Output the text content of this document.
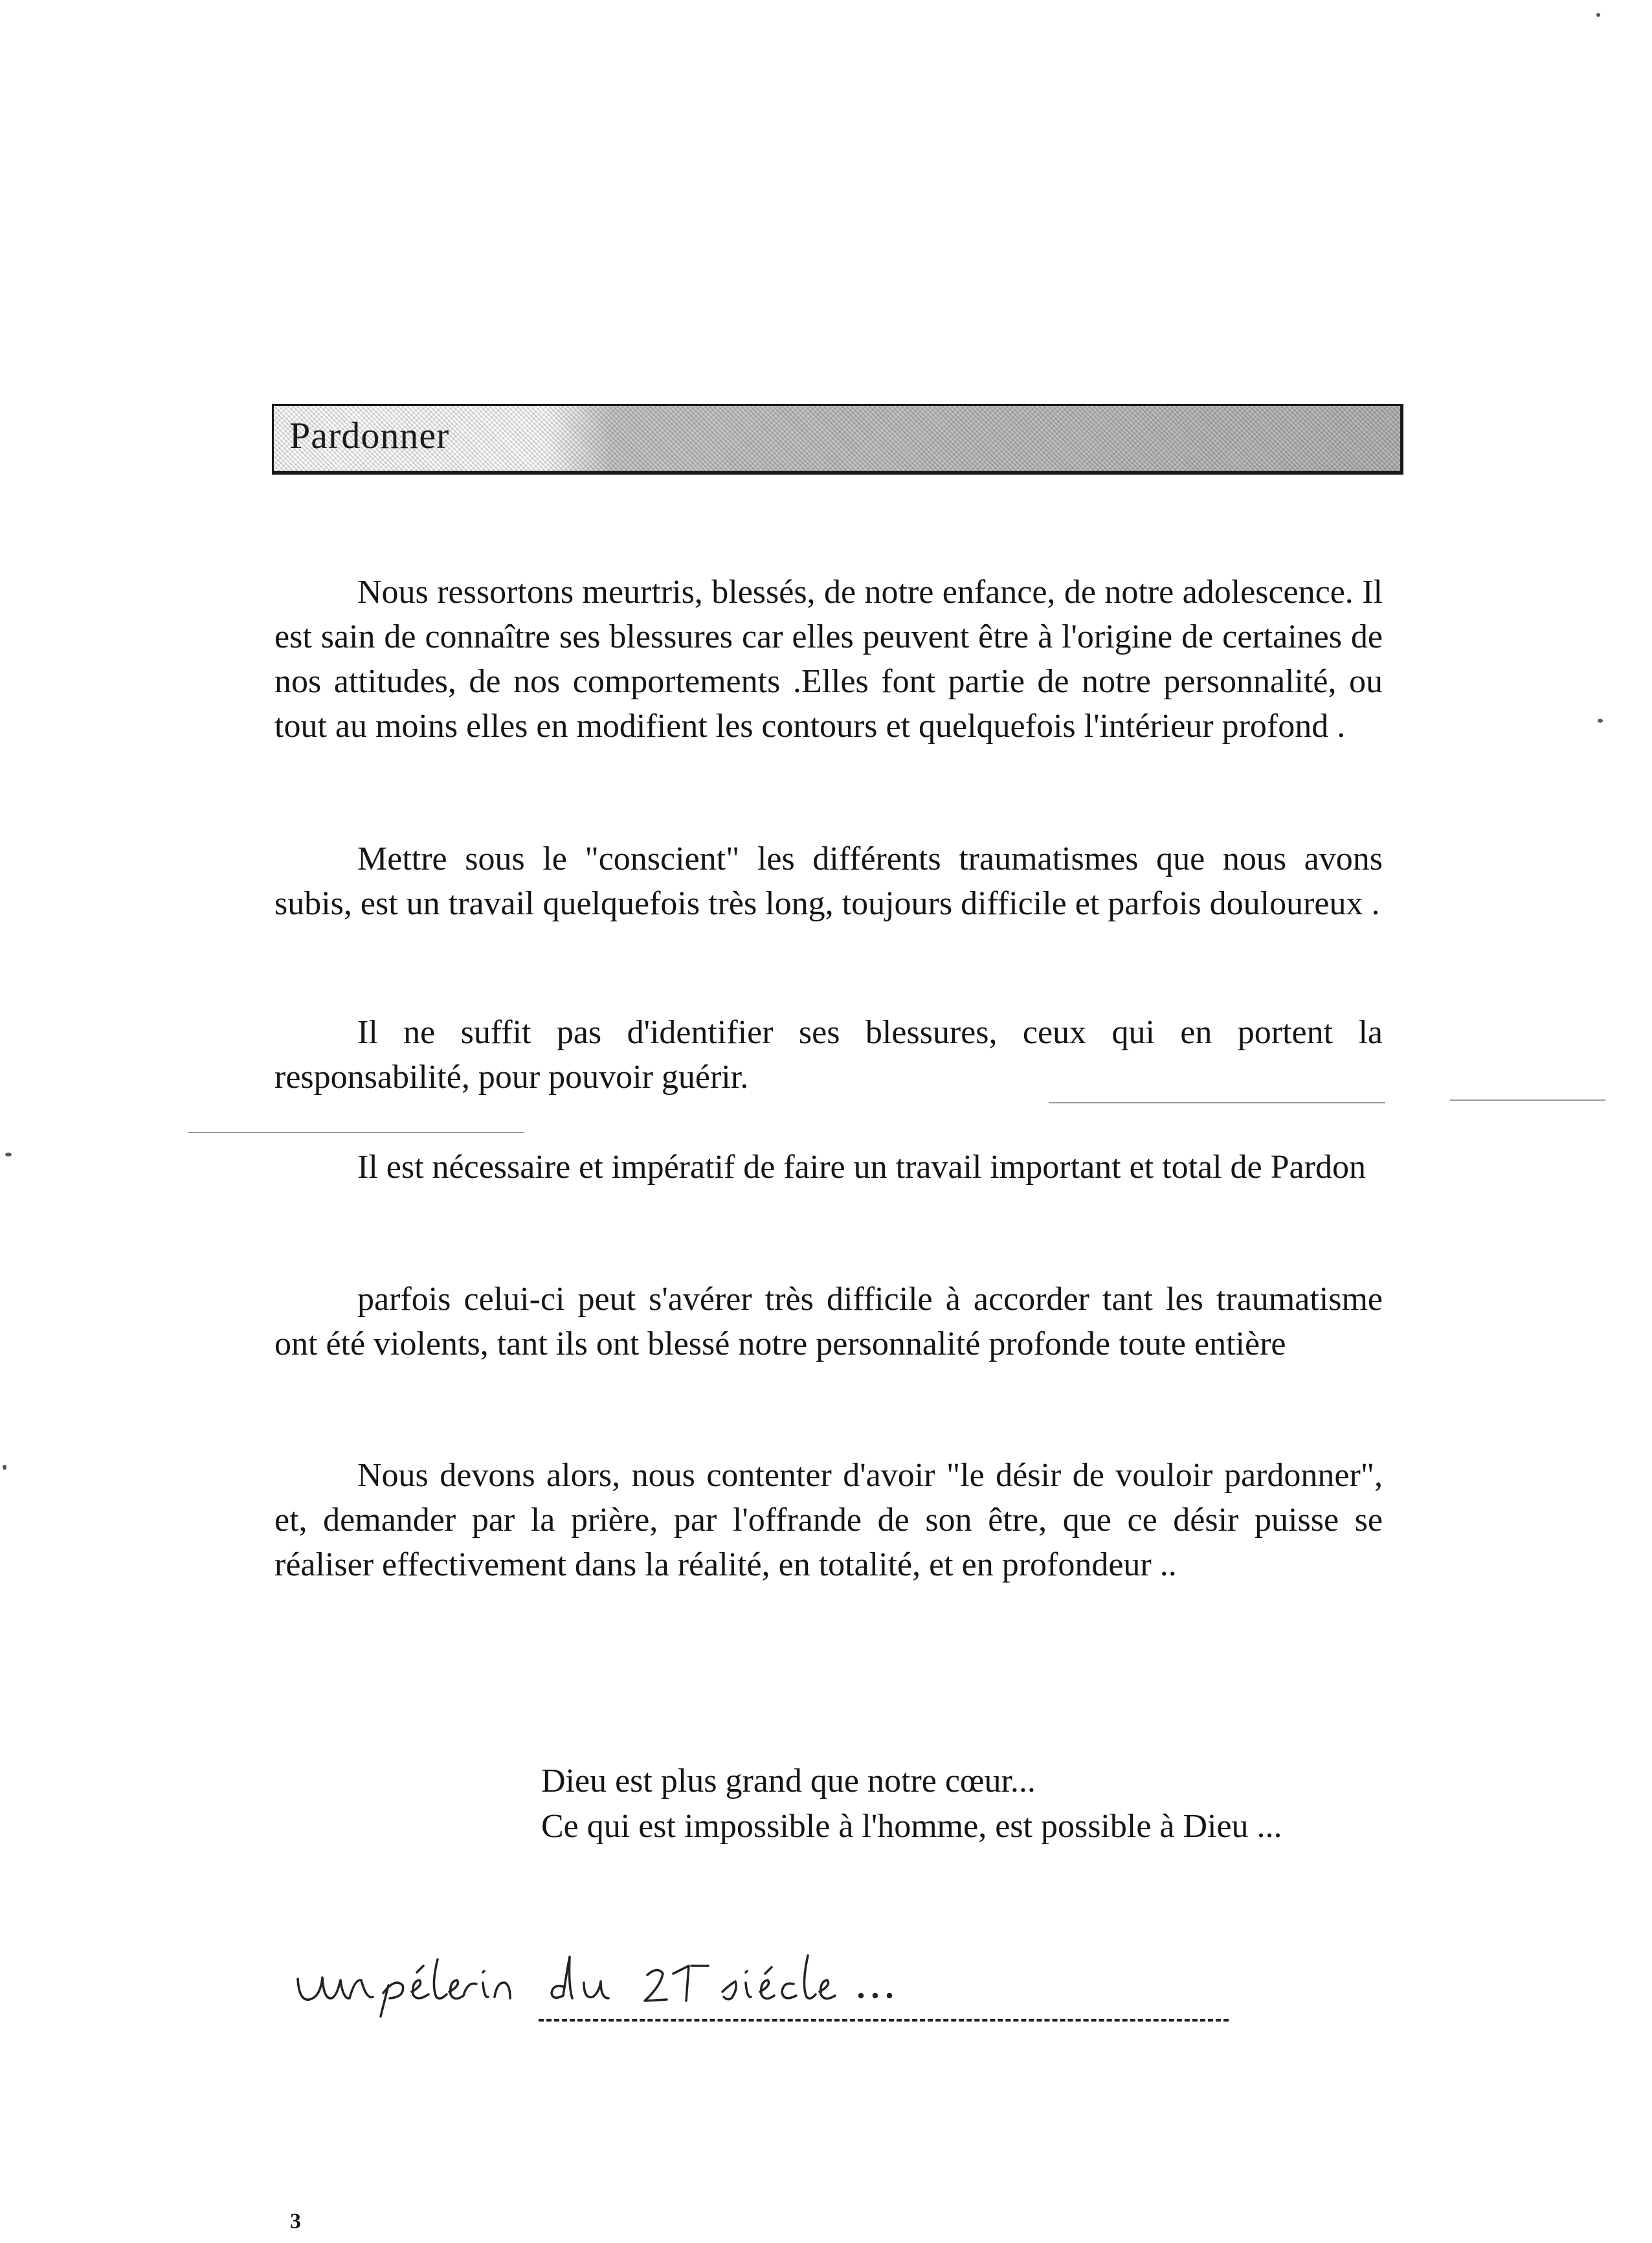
Pardonner

Nous ressortons meurtris, blessés, de notre enfance, de notre adolescence. Il est sain de connaître ses blessures car elles peuvent être à l'origine de certaines de nos attitudes, de nos comportements .Elles font partie de notre personnalité, ou tout au moins elles en modifient les contours et quelquefois l'intérieur profond .

Mettre sous le "conscient" les différents traumatismes que nous avons subis, est un travail quelquefois très long, toujours difficile et parfois douloureux .

Il ne suffit pas d'identifier ses blessures, ceux qui en portent la responsabilité, pour pouvoir guérir.

Il est nécessaire et impératif de faire un travail important et total de Pardon

parfois celui-ci peut s'avérer très difficile à accorder tant les traumatisme ont été violents, tant ils ont blessé notre personnalité profonde toute entière

Nous devons alors, nous contenter d'avoir "le désir de vouloir pardonner", et, demander par la prière, par l'offrande de son être, que ce désir puisse se réaliser effectivement dans la réalité, en totalité, et en profondeur ..

Dieu est plus grand que notre cœur...
Ce qui est impossible à l'homme, est possible à Dieu ...
3
